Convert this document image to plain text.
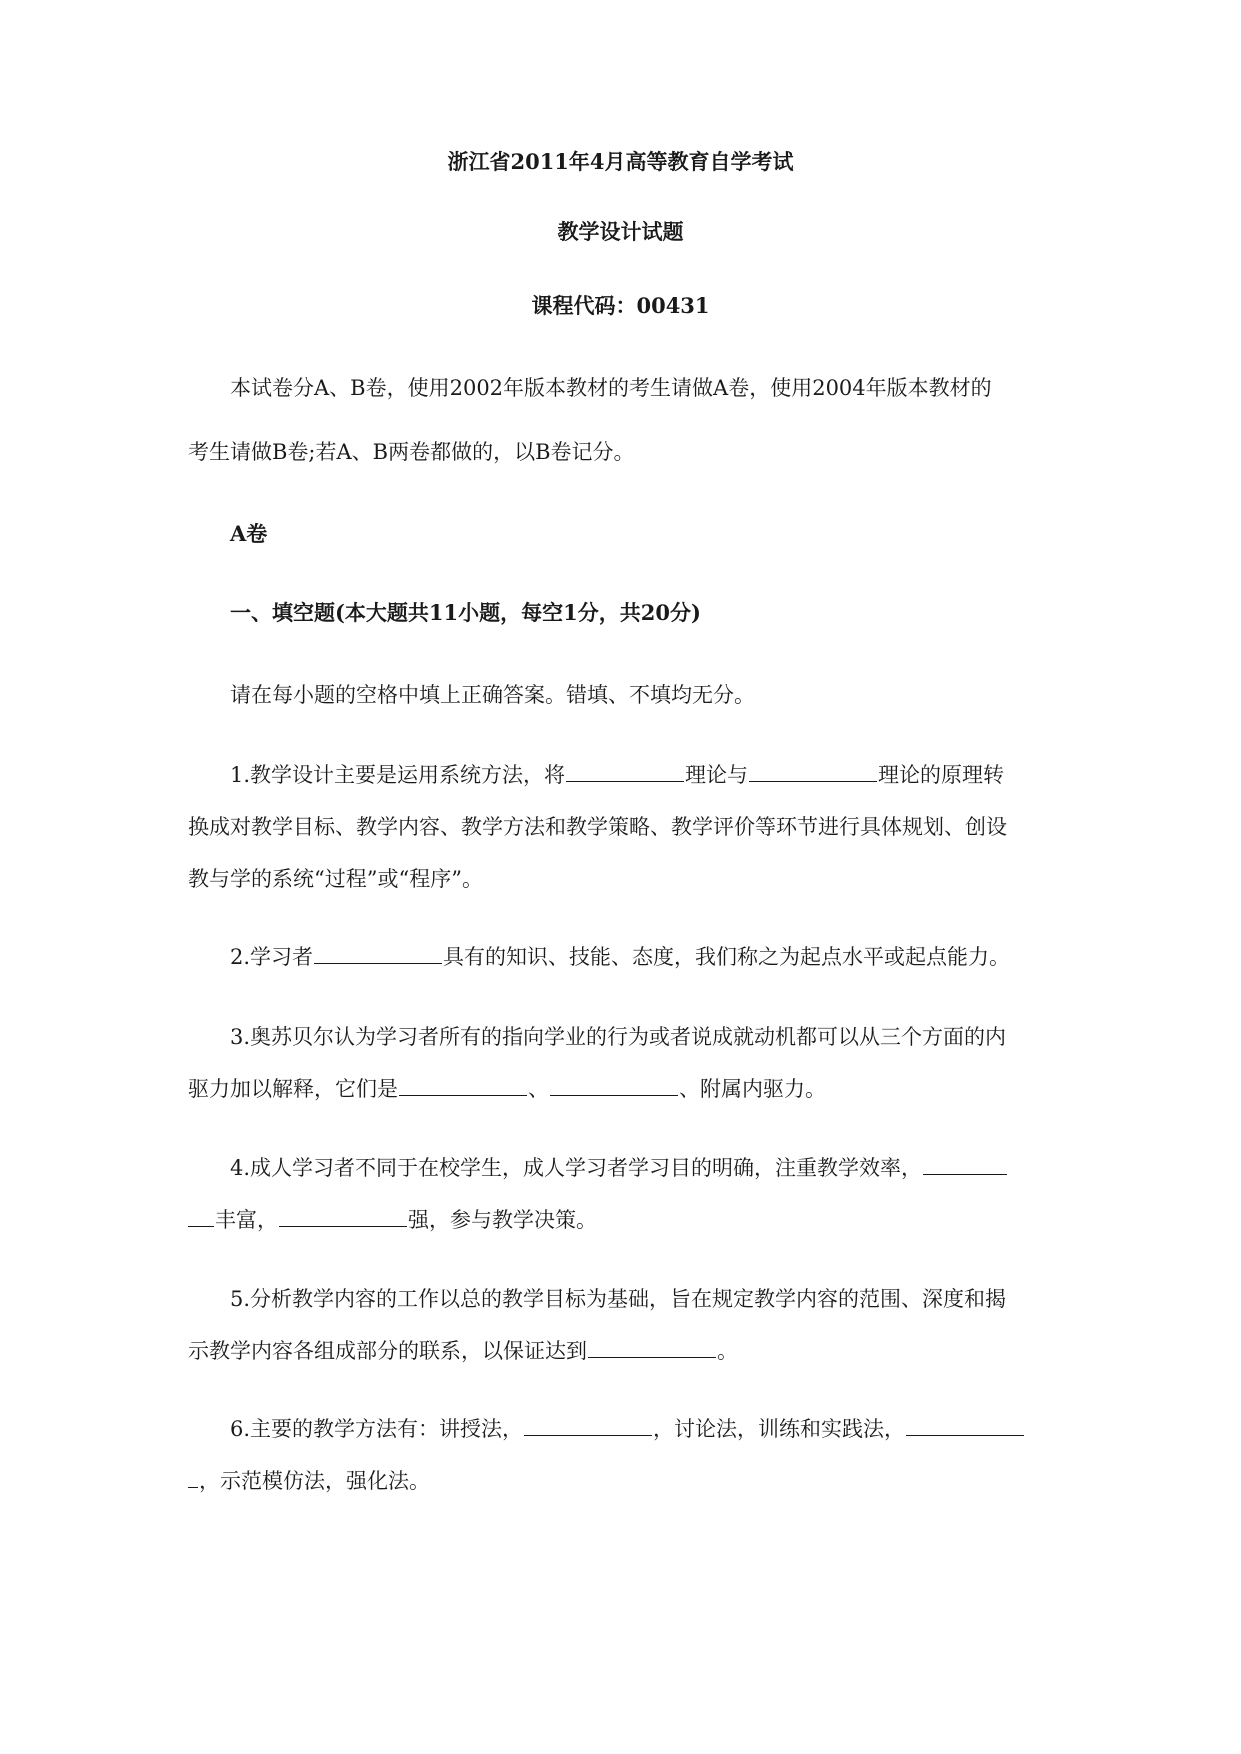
浙江省2011年4月高等教育自学考试
教学设计试题
课程代码：00431
本试卷分A、B卷，使用2002年版本教材的考生请做A卷，使用2004年版本教材的
考生请做B卷;若A、B两卷都做的，以B卷记分。
A卷
一、填空题(本大题共11小题，每空1分，共20分)
请在每小题的空格中填上正确答案。错填、不填均无分。
1.教学设计主要是运用系统方法，将	理论与	理论的原理转
换成对教学目标、教学内容、教学方法和教学策略、教学评价等环节进行具体规划、创设
教与学的系统“过程”或“程序”。
2.学习者	具有的知识、技能、态度，我们称之为起点水平或起点能力。
3.奥苏贝尔认为学习者所有的指向学业的行为或者说成就动机都可以从三个方面的内
驱力加以解释，它们是	、	、附属内驱力。
4.成人学习者不同于在校学生，成人学习者学习目的明确，注重教学效率，
丰富，	强，参与教学决策。
5.分析教学内容的工作以总的教学目标为基础，旨在规定教学内容的范围、深度和揭
示教学内容各组成部分的联系，以保证达到	。
6.主要的教学方法有：讲授法，	，讨论法，训练和实践法，
，示范模仿法，强化法。
